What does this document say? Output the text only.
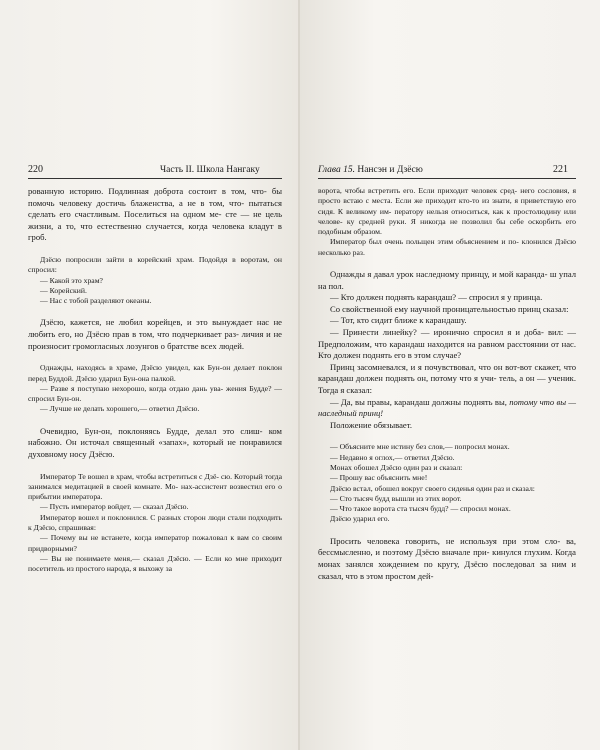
220	Часть II. Школа Нангаку

рованную историю. Подлинная доброта состоит в том, что- бы помочь человеку достичь блаженства, а не в том, что- пытаться сделать его счастливым. Поселиться на одном ме- сте — не цель жизни, а то, что естественно случается, когда человека кладут в гроб.

Дзёсю попросили зайти в корейский храм. Подойдя в воротам, он спросил:

— Какой это храм?

— Корейский.

— Нас с тобой разделяют океаны.

Дзёсю, кажется, не любил корейцев, и это вынуждает нас не любить его, но Дзёсю прав в том, что подчеркивает раз- личия и не произносит громогласных лозунгов о братстве всех людей.

Однажды, находясь в храме, Дзёсю увидел, как Бун-он делает поклон перед Буддой. Дзёсю ударил Бун-она палкой.

— Разве я поступаю нехорошо, когда отдаю дань ува- жения Будде? — спросил Бун-он.

— Лучше не делать хорошего,— ответил Дзёсю.

Очевидно, Бун-он, поклоняясь Будде, делал это слиш- ком набожно. Он источал священный «запах», который не понравился духовному носу Дзёсю.

Император Те вошел в храм, чтобы встретиться с Дзё- сю. Который тогда занимался медитацией в своей комнате. Мо- нах-ассистент возвестил его о прибытии императора.

— Пусть император войдет, — сказал Дзёсю.

Император вошел и поклонился. С разных сторон люди стали подходить к Дзёсю, спрашивая:

— Почему вы не встанете, когда император пожаловал к вам со своим придворными?

— Вы не понимаете меня,— сказал Дзёсю. — Если ко мне приходит посетитель из простого народа, я выхожу за

Глава 15. Нансэн и Дзёсю	221

ворота, чтобы встретить его. Если приходит человек сред- него сословия, я просто встаю с места. Если же приходит кто-то из знати, я приветствую его сидя. К великому им- ператору нельзя относиться, как к простолюдину или челове- ку средней руки. Я никогда не позволил бы себе оскорбить его подобным образом.

Император был очень польщен этим объяснением и по- клонился Дзёсю несколько раз.

Однажды я давал урок наследному принцу, и мой каранда- ш упал на пол.

— Кто должен поднять карандаш? — спросил я у принца.

Со свойственной ему научной проницательностью принц сказал:

— Тот, кто сидит ближе к карандашу.

— Принести линейку? — иронично спросил я и доба- вил: — Предположим, что карандаш находится на равном расстоянии от нас. Кто должен поднять его в этом случае?

Принц засомневался, и я почувствовал, что он вот-вот скажет, что карандаш должен поднять он, потому что я учи- тель, а он — ученик. Тогда я сказал:

— Да, вы правы, карандаш должны поднять вы, потому что вы — наследный принц!

Положение обязывает.

— Объясните мне истину без слов,— попросил монах.

— Недавно я оглох,— ответил Дзёсю.

Монах обошел Дзёсю один раз и сказал:

— Прошу вас объяснить мне!

Дзёсю встал, обошел вокруг своего сиденья один раз и сказал:

— Сто тысяч будд вышли из этих ворот.

— Что такое ворота ста тысяч будд? — спросил монах.

Дзёсю ударил его.

Просить человека говорить, не используя при этом сло- ва, бессмысленно, и поэтому Дзёсю вначале при- кинулся глухим. Когда монах занялся хождением по кругу, Дзёсю последовал за ним и сказал, что в этом простом дей-
